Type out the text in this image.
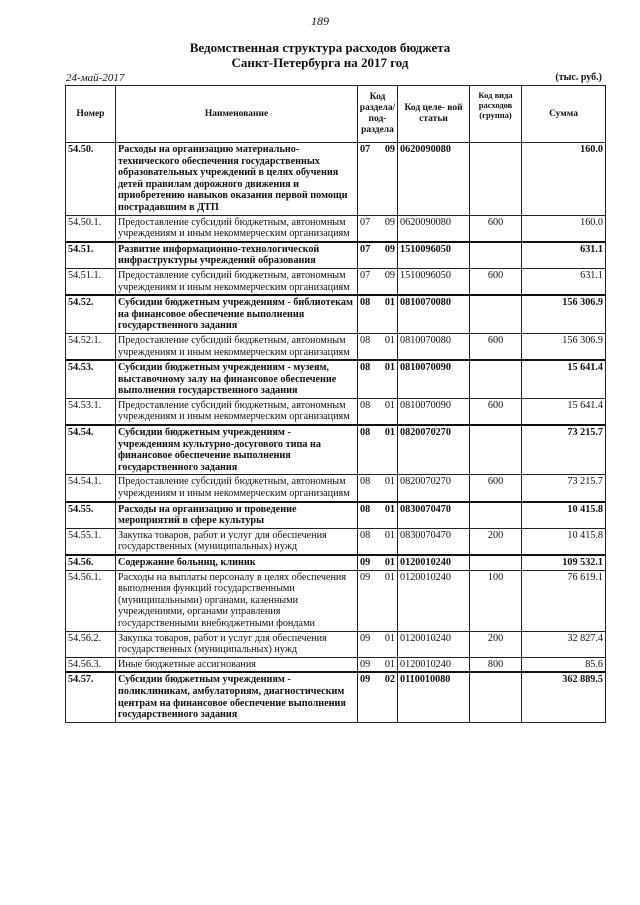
189
Ведомственная структура расходов бюджета
Санкт-Петербурга на 2017 год
24-май-2017	(тыс. руб.)
Номер	Наименование	Код раздела/ под- раздела		Код целе- вой статьи	Код вида расходов (группа)	Сумма
54.50.	Расходы на организацию материально-технического обеспечения государственных образовательных учреждений в целях обучения детей правилам дорожного движения и приобретению навыков оказания первой помощи пострадавшим в ДТП	07	09	0620090080		160.0
54.50.1.	Предоставление субсидий бюджетным, автономным учреждениям и иным некоммерческим организациям	07	09	0620090080	600	160.0
54.51.	Развитие информационно-технологической инфраструктуры учреждений образования	07	09	1510096050		631.1
54.51.1.	Предоставление субсидий бюджетным, автономным учреждениям и иным некоммерческим организациям	07	09	1510096050	600	631.1
54.52.	Субсидии бюджетным учреждениям - библиотекам на финансовое обеспечение выполнения государственного задания	08	01	0810070080		156 306.9
54.52.1.	Предоставление субсидий бюджетным, автономным учреждениям и иным некоммерческим организациям	08	01	0810070080	600	156 306.9
54.53.	Субсидии бюджетным учреждениям - музеям, выставочному залу на финансовое обеспечение выполнения государственного задания	08	01	0810070090		15 641.4
54.53.1.	Предоставление субсидий бюджетным, автономным учреждениям и иным некоммерческим организациям	08	01	0810070090	600	15 641.4
54.54.	Субсидии бюджетным учреждениям - учреждениям культурно-досугового типа на финансовое обеспечение выполнения государственного задания	08	01	0820070270		73 215.7
54.54.1.	Предоставление субсидий бюджетным, автономным учреждениям и иным некоммерческим организациям	08	01	0820070270	600	73 215.7
54.55.	Расходы на организацию и проведение мероприятий в сфере культуры	08	01	0830070470		10 415.8
54.55.1.	Закупка товаров, работ и услуг для обеспечения государственных (муниципальных) нужд	08	01	0830070470	200	10 415.8
54.56.	Содержание больниц, клиник	09	01	0120010240		109 532.1
54.56.1.	Расходы на выплаты персоналу в целях обеспечения выполнения функций государственными (муниципальными) органами, казенными учреждениями, органами управления государственными внебюджетными фондами	09	01	0120010240	100	76 619.1
54.56.2.	Закупка товаров, работ и услуг для обеспечения государственных (муниципальных) нужд	09	01	0120010240	200	32 827.4
54.56.3.	Иные бюджетные ассигнования	09	01	0120010240	800	85.6
54.57.	Субсидии бюджетным учреждениям - поликлиникам, амбулаториям, диагностическим центрам на финансовое обеспечение выполнения государственного задания	09	02	0110010080		362 889.5
